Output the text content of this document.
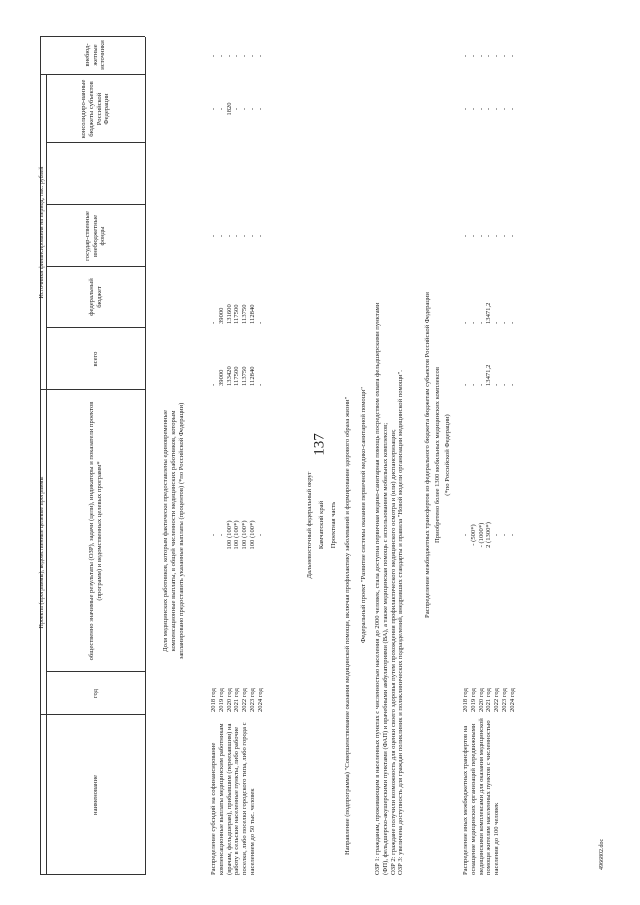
137
4966802.doc
наименование
Проекты (программы), ведомственные целевые программы
год
общественно значимые результаты (ОЗР), задачи (цели), индикаторы и показатели проектов (программ) и ведомственных целевых программ*
Источники финансирования на период, тыс. рублей
всего
федеральный бюджет
государ-ственные внебюджетные фонды
консолидиро-ванные бюджеты субъектов Российской Федерации
внебюд-жетные источники
Доля медицинских работников, которым фактически предоставлены единовременные компенсационные выплаты, в общей численности медицинских работников, которым запланировано предоставить указанные выплаты (процентов) (*по Российской Федерации)
Распределение субсидий на софинансирование компенсационные выплаты медицинским работникам (врачам, фельдшерам), прибывшим (переехавшим) на работу в сельские населенные пункты, либо рабочие поселки, либо поселки городского типа, либо города с населением до 50 тыс. человек
2018 год 2019 год 2020 год 2021 год 2022 год 2023 год 2024 год
- - 100 (100*) 100 (100*) 100 (100*) 100 (100*) -
- 39000 133420 117500 113750 112840 -
- 39000 131600 117500 113750 112840 -
- - - - - - -
- - 1820 - - - -
- - - - - - -
Дальневосточный федеральный округ Камчатский край Проектная часть Направление (подпрограмма) "Совершенствование оказания медицинской помощи, включая профилактику заболеваний и формирование здорового образа жизни" Федеральный проект "Развитие системы оказания первичной медико-санитарной помощи" ОЗР 1: гражданам, проживающим в населенных пунктах с численностью населения до 2000 человек, стала доступна первичная медико-санитарная помощь посредством охвата фельдшерскими пунктами (ФП), фельдшерско-акушерскими пунктами (ФАП) и врачебными амбулаториями (ВА), а также медицинская помощь с использованием мобильных комплексов; ОЗР 2: граждане получили возможность для оценки своего здоровья путем прохождения профилактического медицинского осмотра и (или) диспансеризации; ОЗР 3: увеличена доступность для граждан поликлиник и поликлинических подразделений, внедривших стандарты и правила "Новой модели организации медицинской помощи".	Распределение межбюджетных трансфертов из федерального бюджета бюджетам субъектов Российской Федерации Приобретено более 1300 мобильных медицинских комплексов (*по Российской Федерации)
Распределение иных межбюджетных трансфертов на оснащение медицинских организаций передвижными медицинскими комплексами для оказания медицинской помощи жителям населенных пунктов с численностью населения до 100 человек
2018 год 2019 год 2020 год 2021 год 2022 год 2023 год 2024 год
- - (500*) - (1000*) 2 (1300*) - - -
- - - 13471,2 - - -
- - - 13471,2 - - -
- - - - - - -
- - - - - - -
- - - - - - -
